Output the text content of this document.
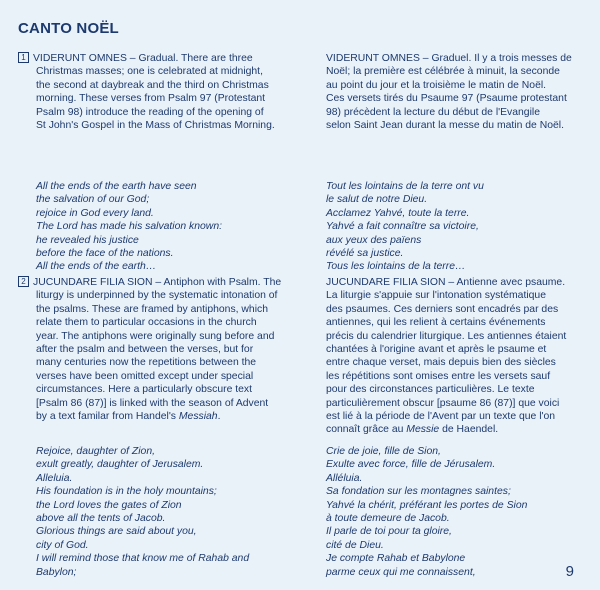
CANTO NOËL
1 VIDERUNT OMNES – Gradual. There are three
Christmas masses; one is celebrated at midnight,
the second at daybreak and the third on Christmas
morning. These verses from Psalm 97 (Protestant
Psalm 98) introduce the reading of the opening of
St John's Gospel in the Mass of Christmas Morning.
All the ends of the earth have seen
the salvation of our God;
rejoice in God every land.
The Lord has made his salvation known:
he revealed his justice
before the face of the nations.
All the ends of the earth…
2 JUCUNDARE FILIA SION – Antiphon with Psalm. The
liturgy is underpinned by the systematic intonation of
the psalms. These are framed by antiphons, which
relate them to particular occasions in the church
year. The antiphons were originally sung before and
after the psalm and between the verses, but for
many centuries now the repetitions between the
verses have been omitted except under special
circumstances. Here a particularly obscure text
[Psalm 86 (87)] is linked with the season of Advent
by a text familar from Handel's Messiah.
Rejoice, daughter of Zion,
exult greatly, daughter of Jerusalem.
Alleluia.
His foundation is in the holy mountains;
the Lord loves the gates of Zion
above all the tents of Jacob.
Glorious things are said about you,
city of God.
I will remind those that know me of Rahab and
Babylon;
VIDERUNT OMNES – Graduel. Il y a trois messes de
Noël; la première est célébrée à minuit, la seconde
au point du jour et la troisième le matin de Noël.
Ces versets tirés du Psaume 97 (Psaume protestant
98) précèdent la lecture du début de l'Evangile
selon Saint Jean durant la messe du matin de Noël.
Tout les lointains de la terre ont vu
le salut de notre Dieu.
Acclamez Yahvé, toute la terre.
Yahvé a fait connaître sa victoire,
aux yeux des païens
révélé sa justice.
Tous les lointains de la terre…
JUCUNDARE FILIA SION – Antienne avec psaume.
La liturgie s'appuie sur l'intonation systématique
des psaumes. Ces derniers sont encadrés par des
antiennes, qui les relient à certains événements
précis du calendrier liturgique. Les antiennes étaient
chantées à l'origine avant et après le psaume et
entre chaque verset, mais depuis bien des siècles
les répétitions sont omises entre les versets sauf
pour des circonstances particulières. Le texte
particulièrement obscur [psaume 86 (87)] que voici
est lié à la période de l'Avent par un texte que l'on
connaît grâce au Messie de Haendel.
Crie de joie, fille de Sion,
Exulte avec force, fille de Jérusalem.
Alléluia.
Sa fondation sur les montagnes saintes;
Yahvé la chérit, préférant les portes de Sion
à toute demeure de Jacob.
Il parle de toi pour ta gloire,
cité de Dieu.
Je compte Rahab et Babylone
parme ceux qui me connaissent,	9
